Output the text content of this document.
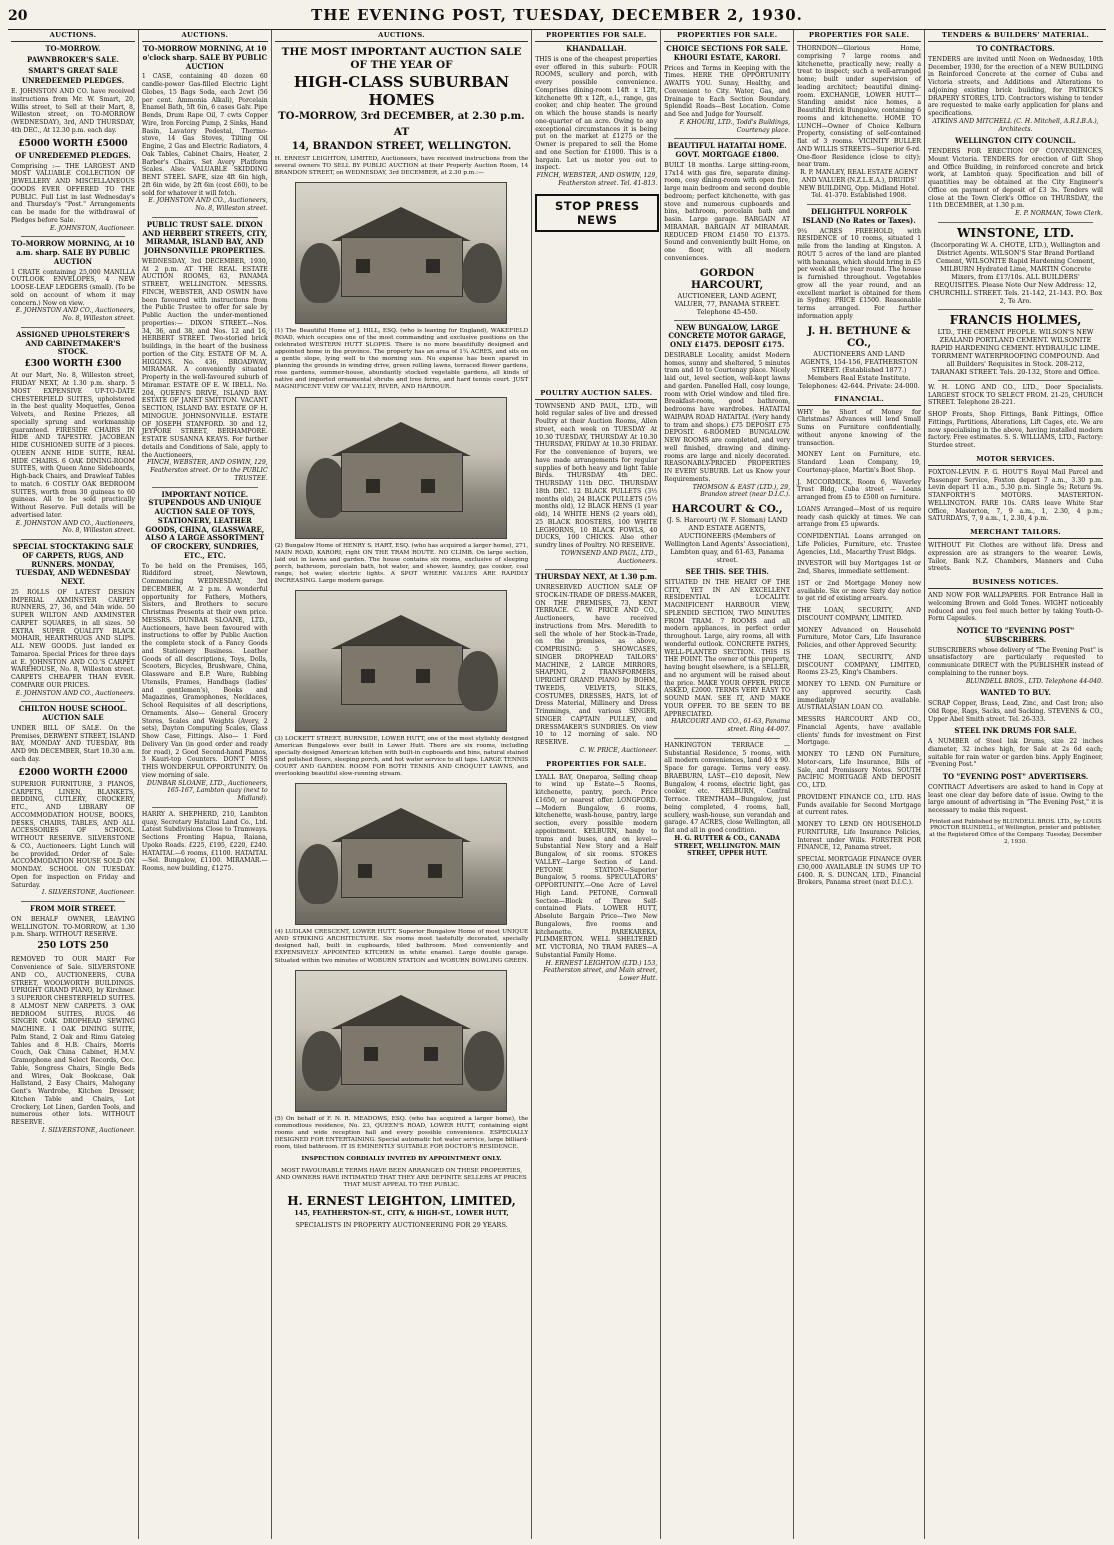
20	THE EVENING POST, TUESDAY, DECEMBER 2, 1930.
AUCTIONS.
TO-MORROW.
PAWNBROKER'S SALE.
SMART'S GREAT SALE
UNREDEEMED PLEDGES.
E. JOHNSTON AND CO. have received instructions from Mr. W. Smart, 20, Willis street, to Sell at their Mart, 8, Willeston street, on TO-MORROW (WEDNESDAY), 3rd, AND THURSDAY, 4th DEC., At 12.30 p.m. each day.
£5000 WORTH £5000
OF UNREDEEMED PLEDGES.
Comprising :— THE LARGEST AND MOST VALUABLE COLLECTION OF JEWELLERY AND MISCELLANEOUS GOODS EVER OFFERED TO THE PUBLIC. Full List in last Wednesday's and Thursday's "Post." Arrangements can be made for the withdrawal of Pledges before Sale.
E. JOHNSTON, Auctioneer.
TO-MORROW MORNING, At 10 a.m. sharp. SALE BY PUBLIC AUCTION
1 CRATE containing 25,000 MANILLA OUTLOOK ENVELOPES, 4 NEW LOOSE-LEAF LEDGERS (small). (To be sold on account of whom it may concern.) Now on view.
E. JOHNSTON AND CO., Auctioneers, No. 8, Willeston street.
ASSIGNED UPHOLSTERER'S AND CABINETMAKER'S STOCK.
£300 WORTH £300
At our Mart, No. 8, Willeston street, FRIDAY NEXT, At 1.30 p.m. sharp. 5 MOST EXPENSIVE UP-TO-DATE CHESTERFIELD SUITES, upholstered in the best quality Moquettes, Genoa Velvets, and Rexine Friezes, all specially sprung and workmanship guaranteed. FIRESIDE CHAIRS IN HIDE AND TAPESTRY. JACOBEAN HIDE CUSHIONED SUITE of 3 pieces. QUEEN ANNE HIDE SUITE, REAL HIDE CHAIRS. 6 OAK DINING-ROOM SUITES, with Queen Anne Sideboards, High-back Chairs, and Drawleaf Tables to match. 6 COSTLY OAK BEDROOM SUITES, worth from 30 guineas to 60 guineas. All to be sold practically Without Reserve. Full details will be advertised later.
E. JOHNSTON AND CO., Auctioneers, No. 8, Willeston street.
SPECIAL STOCKTAKING SALE OF CARPETS, RUGS, AND RUNNERS. MONDAY, TUESDAY, AND WEDNESDAY NEXT.
25 ROLLS OF LATEST DESIGN IMPERIAL AXMINSTER CARPET RUNNERS, 27, 36, and 54in wide. 50 SUPER WILTON AND AXMINSTER CARPET SQUARES, in all sizes. 50 EXTRA SUPER QUALITY BLACK MOHAIR, HEARTHRUGS AND SLIPS. ALL NEW GOODS. Just landed ex Tamaroa. Special Prices for three days at E. JOHNSTON AND CO.'S CARPET WAREHOUSE, No. 8, Willeston street. CARPETS CHEAPER THAN EVER. COMPARE OUR PRICES.
E. JOHNSTON AND CO., Auctioneers.
CHILTON HOUSE SCHOOL. AUCTION SALE
UNDER BILL OF SALE. On the Premises, DERWENT STREET, ISLAND BAY, MONDAY AND TUESDAY, 8th AND 9th DECEMBER, Start 10.30 a.m. each day.
£2000 WORTH £2000
SUPERIOR FURNITURE, 3 PIANOS, CARPETS, LINEN, BLANKETS, BEDDING, CUTLERY, CROCKERY, ETC., AND LIBRARY OF ACCOMMODATION HOUSE, BOOKS, DESKS, CHAIRS, TABLES, AND ALL ACCESSORIES OF SCHOOL. WITHOUT RESERVE. SILVERSTONE & CO., Auctioneers. Light Lunch will be provided. Order of Sale: ACCOMMODATION HOUSE SOLD ON MONDAY. SCHOOL ON TUESDAY. Open for inspection on Friday and Saturday.
I. SILVERSTONE, Auctioneer.
FROM MOIR STREET.
ON BEHALF OWNER, LEAVING WELLINGTON. TO-MORROW, at 1.30 p.m. Sharp. WITHOUT RESERVE.
250 LOTS 250
REMOVED TO OUR MART For Convenience of Sale. SILVERSTONE AND CO., AUCTIONEERS, CUBA STREET, WOOLWORTH BUILDINGS. UPRIGHT GRAND PIANO, by Kirchner. 3 SUPERIOR CHESTERFIELD SUITES. 8 ALMOST NEW CARPETS. 3 OAK BEDROOM SUITES, RUGS. 46 SINGER OAK DROPHEAD SEWING MACHINE. 1 OAK DINING SUITE, Palm Stand, 2 Oak and Rimu Gateleg Tables and 8 H.B. Chairs, Morris Couch, Oak China Cabinet, H.M.V. Gramophone and Select Records, Occ. Table, Songress Chairs, Single Beds and Wires, Oak Bookcase, Oak Hallstand, 2 Easy Chairs, Mahogany Gent's Wardrobe, Kitchen Dresser, Kitchen Table and Chairs, Lot Crockery, Lot Linen, Garden Tools, and numerous other lots. WITHOUT RESERVE.
I. SILVERSTONE, Auctioneer.
AUCTIONS.
TO-MORROW MORNING, At 10 o'clock sharp. SALE BY PUBLIC AUCTION
1 CASE, containing 40 dozen 60 candle-power Gas-filled Electric Light Globes, 15 Bags Soda, each 2cwt (56 per cent. Ammonia Alkali), Porcelain Enamel Bath, 5ft 6in, 6 cases Galv. Pipe Bends, Drum Rape Oil, 7 cwts Copper Wire, Iron Forcing Pump, 2 Sinks, Hand Basin, Lavatory Pedestal, Thermo-stove, 14 Gas Stoves, Tilting Oil Engine, 2 Gas and Electric Radiators, 4 Oak Tables, Cabinet Chairs, Heater, 2 Barber's Chairs, Set Avery Platform Scales. Also: VALUABLE SKIDDING BENT STEEL SAFE, size 4ft 6in high, 2ft 6in wide, by 2ft 6in (cost £60), to be sold for whatever it will fetch.
E. JOHNSTON AND CO., Auctioneers, No. 8, Willeston street.
PUBLIC TRUST SALE. DIXON AND HERBERT STREETS, CITY, MIRAMAR, ISLAND BAY, AND JOHNSONVILLE PROPERTIES.
WEDNESDAY, 3rd DECEMBER, 1930, At 2 p.m. AT THE REAL ESTATE AUCTION ROOMS, 63, PANAMA STREET, WELLINGTON. MESSRS. FINCH, WEBSTER, AND OSWIN have been favoured with instructions from the Public Trustee to offer for sale by Public Auction the under-mentioned properties:— DIXON STREET.—Nos. 34, 36, and 38, and Nos. 12 and 16, HERBERT STREET. Two-storied brick buildings, in the heart of the business portion of the City. ESTATE OF M. A. HIGGINS. No. 436, BROADWAY, MIRAMAR. A conveniently situated Property in the well-favoured suburb of Miramar. ESTATE OF E. W. IBELL. No. 204, QUEEN'S DRIVE, ISLAND BAY. ESTATE OF JANET SMITTON. VACANT SECTION, ISLAND BAY. ESTATE OF H. MINOGUE. JOHNSONVILLE. ESTATE OF JOSEPH STANFORD. 30 and 12, JEYPORE STREET, BERHAMPORE. ESTATE SUSANNA KEAYS. For further details and Conditions of Sale, apply to the Auctioneers,
FINCH, WEBSTER, AND OSWIN, 129, Featherston street. Or to the PUBLIC TRUSTEE.
IMPORTANT NOTICE. STUPENDOUS AND UNIQUE AUCTION SALE OF TOYS, STATIONERY, LEATHER GOODS, CHINA, GLASSWARE, ALSO A LARGE ASSORTMENT OF CROCKERY, SUNDRIES, ETC., ETC.
To be held on the Premises, 165, Riddiford street, Newtown, Commencing WEDNESDAY, 3rd DECEMBER, At 2 p.m. A wonderful opportunity for Fathers, Mothers, Sisters, and Brothers to secure Christmas Presents at their own price. MESSRS. DUNBAR SLOANE, LTD., Auctioneers, have been favoured with instructions to offer by Public Auction the complete stock of a Fancy Goods and Stationery Business. Leather Goods of all descriptions, Toys, Dolls, Scooters, Bicycles, Brushware, China, Glassware and E.P. Ware, Rubbing Utensils, Frames, Handbags (ladies' and gentlemen's), Books and Magazines, Gramophones, Necklaces, School Requisites of all descriptions, Ornaments. Also— General Grocery Stores, Scales and Weights (Avery, 2 sets), Dayton Computing Scales, Glass Show Case, Fittings. Also— 1 Ford Delivery Van (in good order and ready for road), 2 Good Second-hand Pianos, 3 Kauri-top Counters. DON'T MISS THIS WONDERFUL OPPORTUNITY. On view morning of sale.
DUNBAR SLOANE, LTD., Auctioneers, 165-167, Lambton quay (next to Midland).
HARRY A. SHEPHERD, 210, Lambton quay, Secretary Hataitai Land Co., Ltd. Latest Subdivisions Close to Tramways. Sections Fronting Hapua, Raiana, Upoko Roads. £225, £195, £220, £240. HATAITAI.—6 rooms, £1100. HATAITAI.—Sel. Bungalow, £1100. MIRAMAR.—Rooms, new building, £1275.
AUCTIONS.
THE MOST IMPORTANT AUCTION SALE OF THE YEAR OF
HIGH-CLASS SUBURBAN HOMES
TO-MORROW, 3rd DECEMBER, at 2.30 p.m.
AT
14, BRANDON STREET, WELLINGTON.
H. ERNEST LEIGHTON, LIMITED, Auctioneers, have received instructions from the several owners TO SELL BY PUBLIC AUCTION at their Property Auction Room, 14 BRANDON STREET, on WEDNESDAY, 3rd DECEMBER, at 2.30 p.m.:—
(1) The Beautiful Home of J. HILL, ESQ. (who is leaving for England), WAKEFIELD ROAD, which occupies one of the most commanding and exclusive positions on the celebrated WESTERN HUTT SLOPES. There is no more beautifully designed and appointed home in the province. The property has an area of 1¼ ACRES, and sits on a gentle slope, lying well to the morning sun. No expense has been spared in planning the grounds in winding drive, green rolling lawns, terraced flower gardens, rose gardens, summer-house, abundantly stocked vegetable gardens, all kinds of native and imported ornamental shrubs and tree ferns, and hard tennis court. JUST MAGNIFICENT VIEW OF VALLEY, RIVER, AND HARBOUR.
(2) Bungalow Home of HENRY S. HART, ESQ. (who has acquired a larger home), 271, MAIN ROAD, KARORI, right ON THE TRAM ROUTE. NO CLIMB. On large section, laid out in lawns and garden. The house contains six rooms, exclusive of sleeping porch, bathroom, porcelain bath, hot water, and shower, laundry, gas cooker, coal range, hot water, electric lights. A SPOT WHERE VALUES ARE RAPIDLY INCREASING. Large modern garage.
(3) LOCKETT STREET, BURNSIDE, LOWER HUTT, one of the most stylishly designed American Bungalows ever built in Lower Hutt. There are six rooms, including specially designed American kitchen with built-in cupboards and bins, natural stained and polished floors, sleeping porch, and hot water service to all taps. LARGE TENNIS COURT AND GARDEN. ROOM FOR BOTH TENNIS AND CROQUET LAWNS, and overlooking beautiful slow-running stream.
(4) LUDLAM CRESCENT, LOWER HUTT. Superior Bungalow Home of most UNIQUE AND STRIKING ARCHITECTURE. Six rooms most tastefully decorated, specially designed hall, built in cupboards, tiled bathroom. Most conveniently and EXPENSIVELY APPOINTED KITCHEN in white enamel. Large double garage. Situated within two minutes of WOBURN STATION and WOBURN BOWLING GREEN.
(5) On behalf of F. N. R. MEADOWS, ESQ. (who has acquired a larger home), the commodious residence, No. 23, QUEEN'S ROAD, LOWER HUTT, containing eight rooms and wide reception hall and every possible convenience. ESPECIALLY DESIGNED FOR ENTERTAINING. Special automatic hot water service, large billiard-room, tiled bathroom. IT IS EMINENTLY SUITABLE FOR DOCTOR'S RESIDENCE.
INSPECTION CORDIALLY INVITED BY APPOINTMENT ONLY.
MOST FAVOURABLE TERMS HAVE BEEN ARRANGED ON THESE PROPERTIES, AND OWNERS HAVE INTIMATED THAT THEY ARE DEFINITE SELLERS AT PRICES THAT MUST APPEAL TO THE PUBLIC.
H. ERNEST LEIGHTON, LIMITED,
145, FEATHERSTON-ST., CITY, & HIGH-ST., LOWER HUTT,
SPECIALISTS IN PROPERTY AUCTIONEERING FOR 29 YEARS.
PROPERTIES FOR SALE.
KHANDALLAH.
THIS is one of the cheapest properties ever offered in this suburb: FOUR ROOMS, scullery and porch, with every possible convenience. Comprises dining-room 14ft x 12ft, kitchenette 9ft x 12ft, e.l., range, gas cooker, and chip heater. The ground on which the house stands is nearly one-quarter of an acre. Owing to any exceptional circumstances it is being put on the market at £1275 or the Owner is prepared to sell the Home and one Section for £1000. This is a bargain. Let us motor you out to inspect.
FINCH, WEBSTER, AND OSWIN, 129, Featherston street. Tel. 41-813.
STOP PRESS NEWS
POULTRY AUCTION SALES.
TOWNSEND AND PAUL, LTD., will hold regular sales of live and dressed Poultry at their Auction Rooms, Allen street, each week on TUESDAY At 10.30 TUESDAY, THURSDAY At 10.30 THURSDAY, FRIDAY At 10.30 FRIDAY. For the convenience of buyers, we have made arrangements for regular supplies of both heavy and light Table Birds. THURSDAY 4th DEC. THURSDAY 11th DEC. THURSDAY 18th DEC. 12 BLACK PULLETS (3½ months old), 24 BLACK PULLETS (5½ months old), 12 BLACK HENS (1 year old), 14 WHITE HENS (2 years old), 25 BLACK ROOSTERS, 100 WHITE LEGHORNS, 10 BLACK FOWLS, 40 DUCKS, 100 CHICKS. Also other sundry lines of Poultry. NO RESERVE.
TOWNSEND AND PAUL, LTD., Auctioneers.
THURSDAY NEXT, At 1.30 p.m.
UNRESERVED AUCTION SALE OF STOCK-IN-TRADE OF DRESS-MAKER, ON THE PREMISES, 73, KENT TERRACE. C. W. PRICE AND CO., Auctioneers, have received instructions from Mrs. Meredith to sell the whole of her Stock-in-Trade, on the premises, as above, COMPRISING: 5 SHOWCASES, SINGER DROPHEAD TAILORS' MACHINE, 2 LARGE MIRRORS, SHAPING, 2 TRANSFORMERS, UPRIGHT GRAND PIANO by BOHM, TWEEDS, VELVETS, SILKS, COSTUMES, DRESSES, HATS, lot of Dress Material, Millinery and Dress Trimmings, and various SINGER, SINGER CAPTAIN PULLEY, and DRESSMAKER'S SUNDRIES. On view 10 to 12 morning of sale. NO RESERVE.
C. W. PRICE, Auctioneer.
PROPERTIES FOR SALE.
LYALL BAY, Oneparoa, Selling cheap to wind up Estate—5 Rooms, kitchenette, pantry, porch. Price £1650, or nearest offer. LONGFORD.—Modern Bungalow, 6 rooms, kitchenette, wash-house, pantry, large section, every possible modern appointment. KELBURN, handy to trams and buses, and on level—Substantial New Story and a Half Bungalow, of six rooms. STOKES VALLEY—Large Section of Land. PETONE STATION—Superior Bungalow, 5 rooms. SPECULATORS' OPPORTUNITY.—One Acre of Level High Land. PETONE, Cornwall Section—Block of Three Self-contained Flats. LOWER HUTT, Absolute Bargain Price—Two New Bungalows, five rooms and kitchenette. PAREKAREKA, PLIMMERTON. WELL SHELTERED MT. VICTORIA, NO TRAM FARES—A Substantial Family Home.
H. ERNEST LEIGHTON (LTD.) 153, Featherston street, and Main street, Lower Hutt.
PROPERTIES FOR SALE.
CHOICE SECTIONS FOR SALE. KHOURI ESTATE, KARORI.
Prices and Terms in Keeping with the Times. HERE THE OPPORTUNITY AWAITS YOU. Sunny, Healthy, and Convenient to City. Water, Gas, and Drainage to Each Section Boundary. Splendid Roads—Best Location. Come and See and Judge for Yourself.
F. KHOURI, LTD., Todd's Buildings, Courtenay place.
BEAUTIFUL HATAITAI HOME. GOVT. MORTGAGE £1800.
BUILT 18 months. Large sitting-room, 17x14 with gas fire, separate dining-room, cosy dining-room with open fire, large main bedroom and second double bedroom; perfect kitchenette, with gas stove and numerous cupboards and bins, bathroom, porcelain bath and basin. Large garage. BARGAIN AT MIRAMAR. BARGAIN AT MIRAMAR. REDUCED FROM £1450 TO £1375. Sound and conveniently built Home, on one floor, with all modern conveniences.
GORDON HARCOURT,
AUCTIONEER, LAND AGENT, VALUER, 77, PANAMA STREET. Telephone 45-450.
NEW BUNGALOW, LARGE CONCRETE MOTOR GARAGE, ONLY £1475. DEPOSIT £175.
DESIRABLE Locality, amidst Modern homes, sunny and sheltered, 5 minutes tram and 10 to Courtenay place. Nicely laid out, level section, well-kept lawns and garden. Panelled Hall, cosy lounge, room with Oriel window and tiled fire. Breakfast-room, good bathroom, bedrooms have wardrobes. HATAITAI WAIPAPA ROAD HATAITAI. (Very handy to tram and shops.) £75 DEPOSIT £75 DEPOSIT. 6-ROOMED BUNGALOW. NEW ROOMS are completed, and very well finished, drawing and dining-rooms are large and nicely decorated. REASONABLY-PRICED PROPERTIES IN EVERY SUBURB. Let us Know your Requirements.
THOMSON & EAST (LTD.), 29, Brandon street (near D.I.C.).
HARCOURT & CO.,
(J. S. Harcourt) (W. F. Sloman) LAND AND ESTATE AGENTS, AUCTIONEERS (Members of Wellington Land Agents' Association), Lambton quay, and 61-63, Panama street.
SEE THIS. SEE THIS.
SITUATED IN THE HEART OF THE CITY, YET IN AN EXCELLENT RESIDENTIAL LOCALITY. MAGNIFICENT HARBOUR VIEW, SPLENDID SECTION, TWO MINUTES FROM TRAM. 7 ROOMS and all modern appliances, in perfect order throughout. Large, airy rooms, all with wonderful outlook. CONCRETE PATHS, WELL-PLANTED SECTION. THIS IS THE POINT. The owner of this property, having bought elsewhere, is a SELLER, and no argument will be raised about the price. MAKE YOUR OFFER. PRICE ASKED, £2000. TERMS VERY EASY TO SOUND MAN. SEE IT, AND MAKE YOUR OFFER. TO BE SEEN TO BE APPRECIATED.
HARCOURT AND CO., 61-63, Panama street. Ring 44-007.
HANKINGTON TERRACE — Substantial Residence, 5 rooms, with all modern conveniences, land 40 x 90. Space for garage. Terms very easy. BRAEBURN, LAST—£10 deposit, New Bungalow, 4 rooms, electric light, gas cooker, etc. KELBURN, Central Terrace. TRENTHAM—Bungalow, just being completed, 4 rooms, hall, scullery, wash-house, sun verandah and garage. 47 ACRES, close Wellington, all flat and all in good condition.
H. G. RUTTER & CO., CANADA STREET, WELLINGTON. MAIN STREET, UPPER HUTT.
PROPERTIES FOR SALE.
THORNDON—Glorious Home, comprising 7 large rooms and kitchenette, practically new; really a treat to inspect; such a well-arranged home; built under supervision of leading architect; beautiful dining-room. EXCHANGE, LOWER HUTT—Standing amidst nice homes, a Beautiful Brick Bungalow, containing 6 rooms and kitchenette. HOME TO LUNCH—Owner of Choice Kelburn Property, consisting of self-contained flat of 3 rooms. VICINITY BULLER AND WILLIS STREETS—Superior 6-rd. One-floor Residence (close to city); near tram.
R. P. MANLEY, REAL ESTATE AGENT AND VALUER (N.Z.L.E.A.), DRUIDS' NEW BUILDING, Opp. Midland Hotel. Tel. 41-370. Established 1908.
DELIGHTFUL NORFOLK ISLAND (No Rates or Taxes).
9¼ ACRES FREEHOLD, with RESIDENCE of 10 rooms, situated 1 mile from the landing at Kingston. A ROUT 5 acres of the land are planted with bananas, which should bring in £5 per week all the year round. The house is furnished throughout. Vegetables grow all the year round, and an excellent market is obtained for them in Sydney. PRICE £1500. Reasonable terms arranged. For further information apply
J. H. BETHUNE & CO.,
AUCTIONEERS AND LAND AGENTS, 154-156, FEATHERSTON STREET. (Established 1877.) Members Real Estate Institute. Telephones: 42-644. Private: 24-000.
FINANCIAL.
WHY be Short of Money for Christmas? Advances will lend Small Sums on Furniture confidentially, without anyone knowing of the transaction.
MONEY Lent on Furniture, etc. Standard Loan Company, 19, Courtenay-place, Martin's Boot Shop.
J. MCCORMICK, Room 6, Waverley Trust Bldg, Cuba street — Loans arranged from £5 to £500 on furniture.
LOANS Arranged—Most of us require ready cash quickly at times. We can arrange from £5 upwards.
CONFIDENTIAL Loans arranged on Life Policies, Furniture, etc. Trustee Agencies, Ltd., Macarthy Trust Bldgs.
INVESTOR will buy Mortgages 1st or 2nd, Shares, immediate settlement.
1ST or 2nd Mortgage Money now available. Six or more Sixty day notice to get rid of existing arrears.
THE LOAN, SECURITY, AND DISCOUNT COMPANY, LIMITED.
MONEY Advanced on Household Furniture, Motor Cars, Life Insurance Policies, and other Approved Security.
THE LOAN, SECURITY, AND DISCOUNT COMPANY, LIMITED, Rooms 23-25, King's Chambers.
MONEY TO LEND. ON Furniture or any approved security. Cash immediately available. AUSTRALASIAN LOAN CO.
MESSRS HARCOURT AND CO., Financial Agents, have available clients' funds for investment on First Mortgage.
MONEY TO LEND ON Furniture, Motor-cars, Life Insurance, Bills of Sale, and Promissory Notes. SOUTH PACIFIC MORTGAGE AND DEPOSIT CO., LTD.
PROVIDENT FINANCE CO., LTD. HAS Funds available for Second Mortgage at current rates.
MONEY TO LEND ON HOUSEHOLD FURNITURE, Life Insurance Policies, Interest under Wills. FORSTER FOR FINANCE, 12, Panama street.
SPECIAL MORTGAGE FINANCE OVER £30,000 AVAILABLE IN SUMS UP TO £400. R. S. DUNCAN, LTD., Financial Brokers, Panama street (next D.I.C.).
TENDERS & BUILDERS' MATERIAL.
TO CONTRACTORS.
TENDERS are invited until Noon on Wednesday, 10th December, 1930, for the erection of a NEW BUILDING in Reinforced Concrete at the corner of Cuba and Victoria streets, and Additions and Alterations to adjoining existing brick building, for PATRICK'S DRAPERY STORES, LTD. Contractors wishing to tender are requested to make early application for plans and specifications.
ATKINS AND MITCHELL (C. H. Mitchell, A.R.I.B.A.), Architects.
WELLINGTON CITY COUNCIL.
TENDERS FOR ERECTION OF CONVENIENCES, Mount Victoria. TENDERS for erection of Gift Shop and Office Building, in reinforced concrete and brick work, at Lambton quay. Specification and bill of quantities may be obtained at the City Engineer's Office on payment of deposit of £3 3s. Tenders will close at the Town Clerk's Office on THURSDAY, the 11th DECEMBER, at 1.30 p.m.
E. P. NORMAN, Town Clerk.
WINSTONE, LTD.
(Incorporating W. A. CHOTE, LTD.), Wellington and District Agents. WILSON'S Star Brand Portland Cement, WILSONITE Rapid Hardening Cement, MILBURN Hydrated Lime, MARTIN Concrete Mixers, from £17/10s. ALL BUILDERS' REQUISITES. Please Note Our New Address: 12, CHURCHILL STREET. Tels. 21-142, 21-143. P.O. Box 2, Te Aro.
FRANCIS HOLMES,
LTD., THE CEMENT PEOPLE. WILSON'S NEW ZEALAND PORTLAND CEMENT. WILSONITE RAPID HARDENING CEMENT. HYDRAULIC LIME. TORRMENT WATERPROOFING COMPOUND. And all Builders' Requisites in Stock. 208-212, TARANAKI STREET. Tels. 20-132, Store and Office.
W. H. LONG AND CO., LTD., Door Specialists. LARGEST STOCK TO SELECT FROM. 21-25, CHURCH STREET. Telephone 28-221.
SHOP Fronts, Shop Fittings, Bank Fittings, Office Fittings, Partitions, Alterations, Lift Cages, etc. We are now specialising in the above, having installed modern factory. Free estimates. S. S. WILLIAMS, LTD., Factory: Sturdee street.
MOTOR SERVICES.
FOXTON-LEVIN. F. G. HOUT'S Royal Mail Parcel and Passenger Service, Foxton depart 7 a.m., 3.30 p.m. Levin depart 11 a.m., 5.30 p.m. Single 5s; Return 9s. STANFORTH'S MOTORS. MASTERTON-WELLINGTON. FARE 10s. CARS leave White Star Office, Masterton, 7, 9 a.m., 1, 2.30, 4 p.m.; SATURDAYS, 7, 9 a.m., 1, 2.30, 4 p.m.
MERCHANT TAILORS.
WITHOUT Fit Clothes are without life. Dress and expression are as strangers to the wearer. Lewis, Tailor, Bank N.Z. Chambers, Manners and Cuba streets.
BUSINESS NOTICES.
AND NOW FOR WALLPAPERS. FOR Entrance Hall in welcoming Brown and Gold Tones. WIGHT noticeably reduced and you feel much better by taking Youth-O-Form Capsules.
NOTICE TO "EVENING POST" SUBSCRIBERS.
SUBSCRIBERS whose delivery of "The Evening Post" is unsatisfactory are particularly requested to communicate DIRECT with the PUBLISHER instead of complaining to the runner boys.
BLUNDELL BROS., LTD. Telephone 44-040.
WANTED TO BUY.
SCRAP Copper, Brass, Lead, Zinc, and Cast Iron; also Old Rope, Rags, Sacks, and Sacking. STEVENS & CO., Upper Abel Smith street. Tel. 26-333.
STEEL INK DRUMS FOR SALE.
A NUMBER of Steel Ink Drums, size 22 inches diameter, 32 inches high, for Sale at 2s 6d each; suitable for rain water or garden bins. Apply Engineer, "Evening Post."
TO "EVENING POST" ADVERTISERS.
CONTRACT Advertisers are asked to hand in Copy at least one clear day before date of issue. Owing to the large amount of advertising in "The Evening Post," it is necessary to make this request.
Printed and Published by BLUNDELL BROS. LTD., by LOUIS PROCTOR BLUNDELL, of Wellington, printer and publisher, at the Registered Office of the Company. Tuesday, December 2, 1930.
